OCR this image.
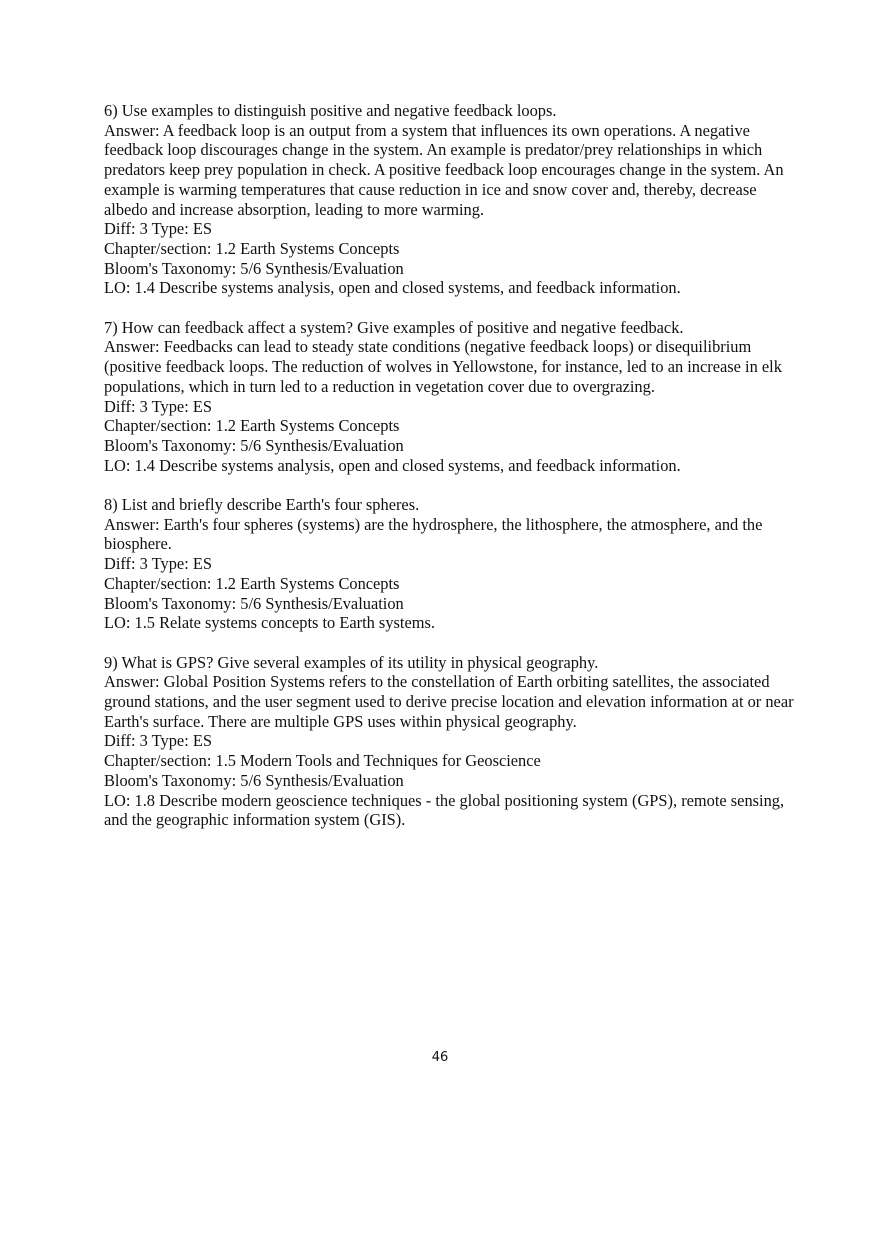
6) Use examples to distinguish positive and negative feedback loops.
Answer: A feedback loop is an output from a system that influences its own operations. A negative feedback loop discourages change in the system. An example is predator/prey relationships in which predators keep prey population in check. A positive feedback loop encourages change in the system. An example is warming temperatures that cause reduction in ice and snow cover and, thereby, decrease albedo and increase absorption, leading to more warming.
Diff: 3 Type: ES
Chapter/section: 1.2 Earth Systems Concepts
Bloom's Taxonomy: 5/6 Synthesis/Evaluation
LO: 1.4 Describe systems analysis, open and closed systems, and feedback information.
7) How can feedback affect a system? Give examples of positive and negative feedback.
Answer: Feedbacks can lead to steady state conditions (negative feedback loops) or disequilibrium (positive feedback loops. The reduction of wolves in Yellowstone, for instance, led to an increase in elk populations, which in turn led to a reduction in vegetation cover due to overgrazing.
Diff: 3 Type: ES
Chapter/section: 1.2 Earth Systems Concepts
Bloom's Taxonomy: 5/6 Synthesis/Evaluation
LO: 1.4 Describe systems analysis, open and closed systems, and feedback information.
8) List and briefly describe Earth's four spheres.
Answer: Earth's four spheres (systems) are the hydrosphere, the lithosphere, the atmosphere, and the biosphere.
Diff: 3 Type: ES
Chapter/section: 1.2 Earth Systems Concepts
Bloom's Taxonomy: 5/6 Synthesis/Evaluation
LO: 1.5 Relate systems concepts to Earth systems.
9) What is GPS? Give several examples of its utility in physical geography.
Answer: Global Position Systems refers to the constellation of Earth orbiting satellites, the associated ground stations, and the user segment used to derive precise location and elevation information at or near Earth's surface. There are multiple GPS uses within physical geography.
Diff: 3 Type: ES
Chapter/section: 1.5 Modern Tools and Techniques for Geoscience
Bloom's Taxonomy: 5/6 Synthesis/Evaluation
LO: 1.8 Describe modern geoscience techniques - the global positioning system (GPS), remote sensing, and the geographic information system (GIS).
46
